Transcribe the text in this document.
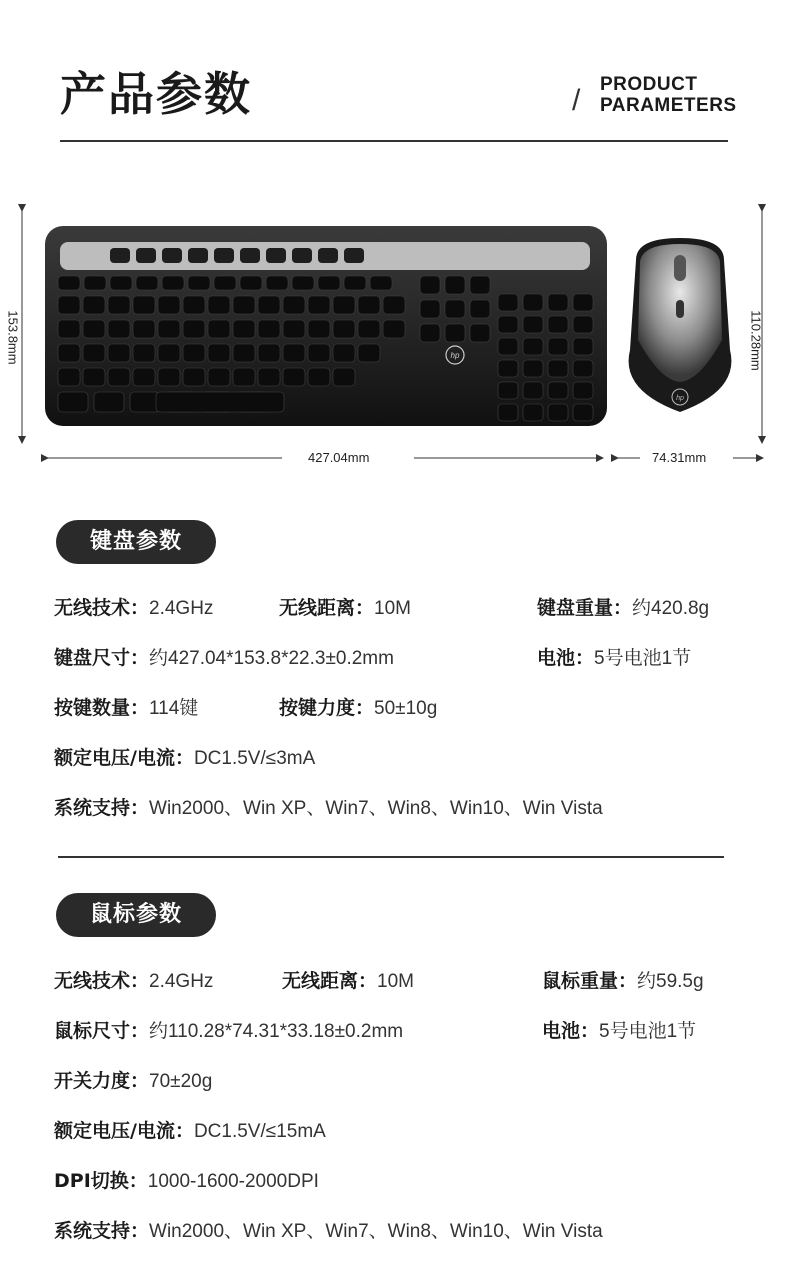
产品参数	/ PRODUCT
PARAMETERS
hp
hp
153.8mm
427.04mm
110.28mm
74.31mm
键盘参数
无线技术：2.4GHz	无线距离：10M	键盘重量：约420.8g
键盘尺寸：约427.04*153.8*22.3±0.2mm	电池：5号电池1节
按键数量：114键	按键力度：50±10g
额定电压/电流：DC1.5V/≤3mA
系统支持：Win2000、Win XP、Win7、Win8、Win10、Win Vista
鼠标参数
无线技术：2.4GHz	无线距离：10M	鼠标重量：约59.5g
鼠标尺寸：约110.28*74.31*33.18±0.2mm	电池：5号电池1节
开关力度：70±20g
额定电压/电流：DC1.5V/≤15mA
DPI切换：1000-1600-2000DPI
系统支持：Win2000、Win XP、Win7、Win8、Win10、Win Vista
